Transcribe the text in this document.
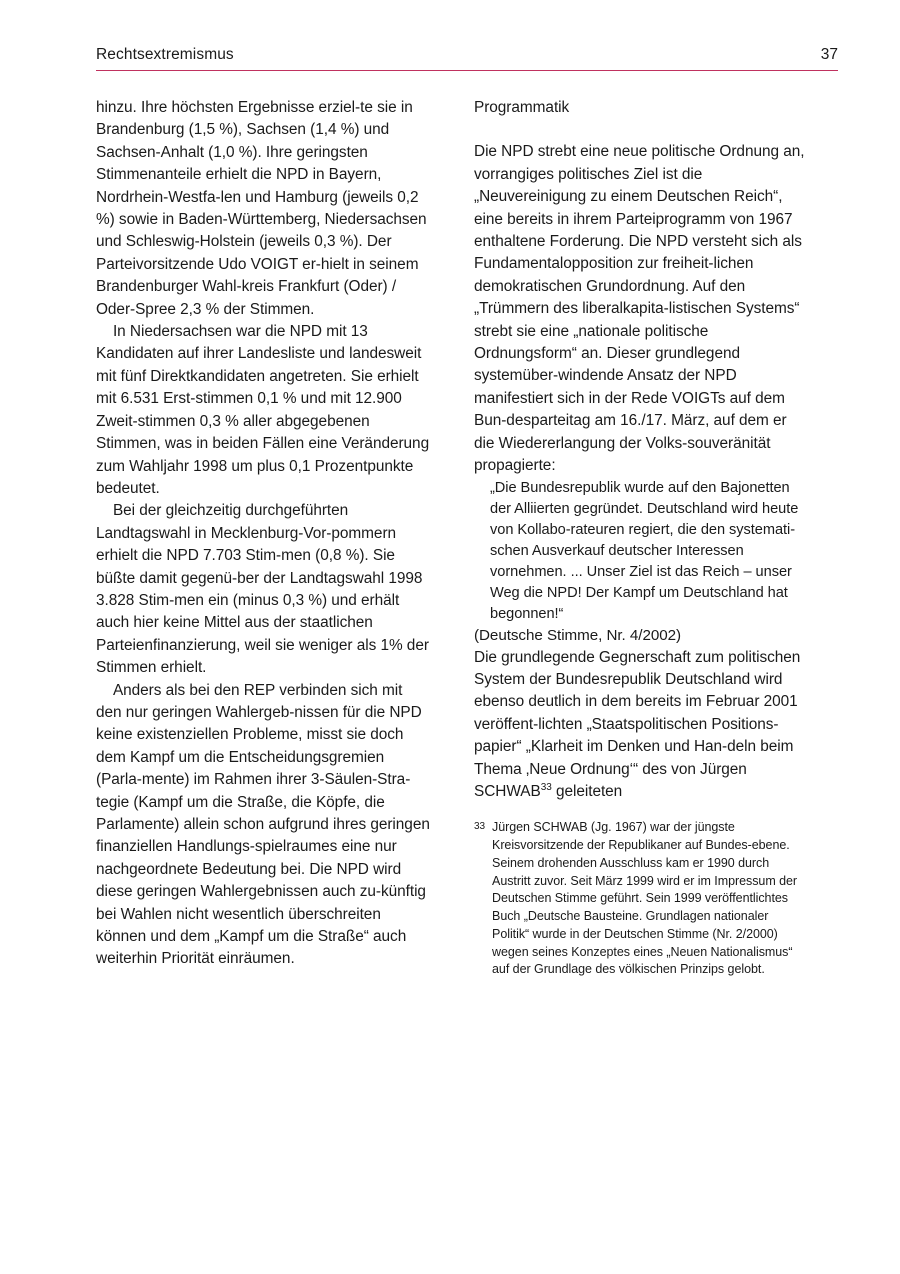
Rechtsextremismus	37

hinzu. Ihre höchsten Ergebnisse erziel-te sie in Brandenburg (1,5 %), Sachsen (1,4 %) und Sachsen-Anhalt (1,0 %). Ihre geringsten Stimmenanteile erhielt die NPD in Bayern, Nordrhein-Westfa-len und Hamburg (jeweils 0,2 %) sowie in Baden-Württemberg, Niedersachsen und Schleswig-Holstein (jeweils 0,3 %). Der Parteivorsitzende Udo VOIGT er-hielt in seinem Brandenburger Wahl-kreis Frankfurt (Oder) / Oder-Spree 2,3 % der Stimmen.

In Niedersachsen war die NPD mit 13 Kandidaten auf ihrer Landesliste und landesweit mit fünf Direktkandidaten angetreten. Sie erhielt mit 6.531 Erst-stimmen 0,1 % und mit 12.900 Zweit-stimmen 0,3 % aller abgegebenen Stimmen, was in beiden Fällen eine Veränderung zum Wahljahr 1998 um plus 0,1 Prozentpunkte bedeutet.

Bei der gleichzeitig durchgeführten Landtagswahl in Mecklenburg-Vor-pommern erhielt die NPD 7.703 Stim-men (0,8 %). Sie büßte damit gegenü-ber der Landtagswahl 1998 3.828 Stim-men ein (minus 0,3 %) und erhält auch hier keine Mittel aus der staatlichen Parteienfinanzierung, weil sie weniger als 1% der Stimmen erhielt.

Anders als bei den REP verbinden sich mit den nur geringen Wahlergeb-nissen für die NPD keine existenziellen Probleme, misst sie doch dem Kampf um die Entscheidungsgremien (Parla-mente) im Rahmen ihrer 3-Säulen-Stra-tegie (Kampf um die Straße, die Köpfe, die Parlamente) allein schon aufgrund ihres geringen finanziellen Handlungs-spielraumes eine nur nachgeordnete Bedeutung bei. Die NPD wird diese geringen Wahlergebnissen auch zu-künftig bei Wahlen nicht wesentlich überschreiten können und dem „Kampf um die Straße“ auch weiterhin Priorität einräumen.

Programmatik

Die NPD strebt eine neue politische Ordnung an, vorrangiges politisches Ziel ist die „Neuvereinigung zu einem Deutschen Reich“, eine bereits in ihrem Parteiprogramm von 1967 enthaltene Forderung. Die NPD versteht sich als Fundamentalopposition zur freiheit-lichen demokratischen Grundordnung. Auf den „Trümmern des liberalkapita-listischen Systems“ strebt sie eine „nationale politische Ordnungsform“ an. Dieser grundlegend systemüber-windende Ansatz der NPD manifestiert sich in der Rede VOIGTs auf dem Bun-desparteitag am 16./17. März, auf dem er die Wiedererlangung der Volks-souveränität propagierte:

„Die Bundesrepublik wurde auf den Bajonetten der Alliierten gegründet. Deutschland wird heute von Kollabo-rateuren regiert, die den systemati-schen Ausverkauf deutscher Interessen vornehmen. ... Unser Ziel ist das Reich – unser Weg die NPD! Der Kampf um Deutschland hat begonnen!“

(Deutsche Stimme, Nr. 4/2002)

Die grundlegende Gegnerschaft zum politischen System der Bundesrepublik Deutschland wird ebenso deutlich in dem bereits im Februar 2001 veröffent-lichten „Staatspolitischen Positions-papier“ „Klarheit im Denken und Han-deln beim Thema ‚Neue Ordnung‘“ des von Jürgen SCHWAB$^{33}$ geleiteten

33 Jürgen SCHWAB (Jg. 1967) war der jüngste Kreisvorsitzende der Republikaner auf Bundes-ebene. Seinem drohenden Ausschluss kam er 1990 durch Austritt zuvor. Seit März 1999 wird er im Impressum der Deutschen Stimme geführt. Sein 1999 veröffentlichtes Buch „Deutsche Bausteine. Grundlagen nationaler Politik“ wurde in der Deutschen Stimme (Nr. 2/2000) wegen seines Konzeptes eines „Neuen Nationalismus“ auf der Grundlage des völkischen Prinzips gelobt.
